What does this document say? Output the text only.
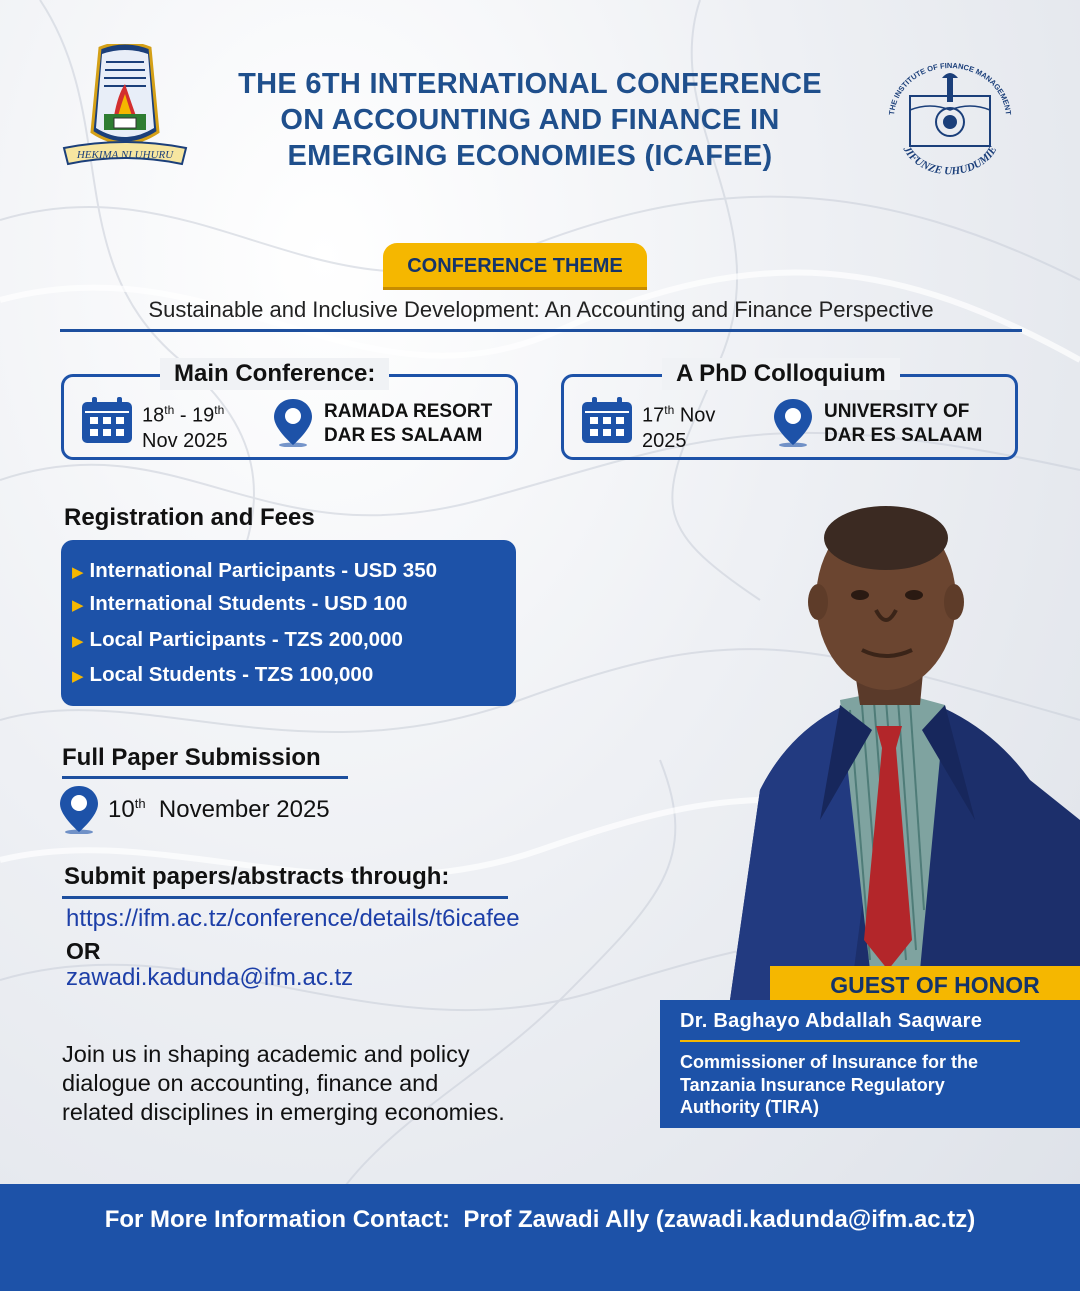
HEKIMA NI UHURU
THE 6TH INTERNATIONAL CONFERENCE
ON ACCOUNTING AND FINANCE IN
EMERGING ECONOMIES (ICAFEE)
THE INSTITUTE OF FINANCE MANAGEMENT
JIFUNZE UHUDUMIE
CONFERENCE THEME
Sustainable and Inclusive Development: An Accounting and Finance Perspective
Main Conference:
18th - 19th
Nov 2025
RAMADA RESORT
DAR ES SALAAM
A PhD Colloquium
17th Nov
2025
UNIVERSITY OF
DAR ES SALAAM
Registration and Fees
▶ International Participants - USD 350
▶ International Students - USD 100
▶ Local Participants - TZS 200,000
▶ Local Students - TZS 100,000
Full Paper Submission
10th November 2025
Submit papers/abstracts through:
https://ifm.ac.tz/conference/details/t6icafee
OR
zawadi.kadunda@ifm.ac.tz
Join us in shaping academic and policy
dialogue on accounting, finance and
related disciplines in emerging economies.
GUEST OF HONOR
Dr. Baghayo Abdallah Saqware
Commissioner of Insurance for the
Tanzania Insurance Regulatory
Authority (TIRA)
For More Information Contact:  Prof Zawadi Ally (zawadi.kadunda@ifm.ac.tz)
